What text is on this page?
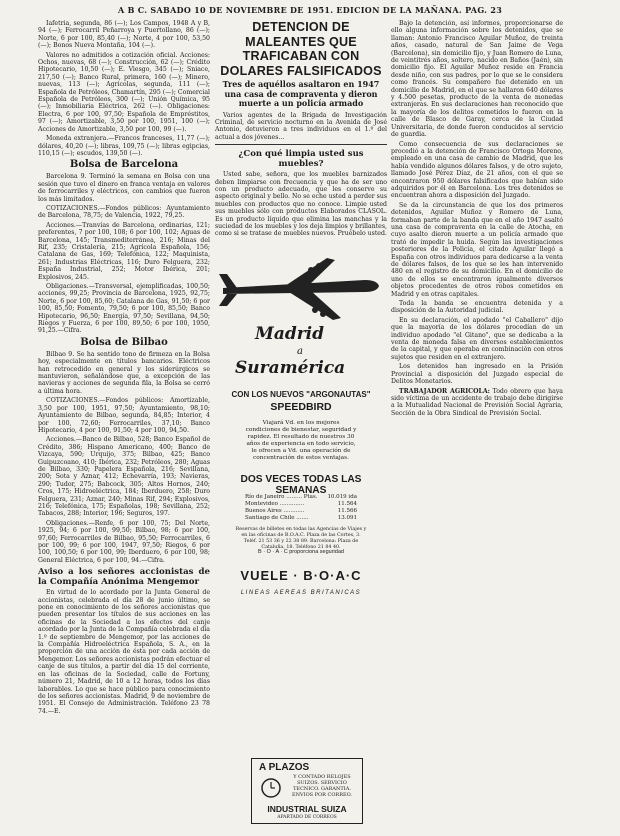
A B C. SABADO 10 DE NOVIEMBRE DE 1951. EDICION DE LA MAÑANA. PAG. 23

Iafetria, segunda, 86 (—); Los Campos, 1948 A y B, 94 (—); Ferrocarril Peñarroya y Puertollano, 86 (—); Norte, 6 por 100, 85,40 (—); Norte, 4 por 100, 53,50 (—); Bonos Nueva Montaña, 104 (—).

Valores no admitidos a cotización oficial. Acciones: Ochos, nuevas, 68 (—); Construcción, 62 (—); Crédito Hipotecario, 10,50 (—); E. Viesgo, 345 (—); Sniace, 217,50 (—); Banco Rural, primera, 160 (—); Minero, nuevas, 113 (—); Agrícolas, segunda, 111 (—); Española de Petróleos, Chamartín, 295 (—); Comercial Española de Petróleos, 300 (—); Unión Química, 95 (—); Inmobiliaria Eléctrica, 262 (—). Obligaciones: Electra, 6 por 100, 97,50; Española de Empréstitos, 97 (—); Amortizable, 3,50 por 100, 1951, 100 (—); Acciones de Amortizable, 3,50 por 100, 99 (—).

Moneda extranjera.—Francos franceses, 11,77 (—); dólares, 40,20 (—); libras, 109,75 (—); libras egipcias, 110,15 (—); escudos, 139,50 (—).

Bolsa de Barcelona

Barcelona 9. Terminó la semana en Bolsa con una sesión que tuvo el dinero en franca ventaja en valores de ferrocarriles y eléctricos, con cambios que fueron los más limitados.

COTIZACIONES.—Fondos públicos: Ayuntamiento de Barcelona, 78,75; de Valencia, 1922, 79,25.

Acciones.—Tranvías de Barcelona, ordinarias, 121; preferentes, 7 por 100, 108; 6 por 100, 102; Aguas de Barcelona, 145; Transmediterránea, 216; Minas del Rif, 235; Cristalería, 215; Agrícola Española, 156; Catalana de Gas, 169; Telefónica, 122; Maquinista, 261; Industrias Eléctricas, 116; Duro Felguera, 232; España Industrial, 252; Motor Ibérica, 201; Explosivos, 245.

Obligaciones.—Transversal, ejemplificadas, 100,50; acciones, 99,25; Provincia de Barcelona, 1925, 92,75; Norte, 6 por 100, 85,60; Catalana de Gas, 91,50; 6 por 100, 85,50; Fomento, 79,50; 6 por 100, 85,50; Banco Hipotecario, 96,50; Energía, 97,50; Sevillana, 94,50; Riegos y Fuerza, 6 por 100, 89,50; 6 por 100, 1950, 91,25.—Cifra.

Bolsa de Bilbao

Bilbao 9. Se ha sentido tono de firmeza en la Bolsa hoy, especialmente en títulos bancarios. Eléctricos han retrocedido en general y los siderúrgicos se mantuvieron, señalándose que, a excepción de las navieras y acciones de segunda fila, la Bolsa se cerró a última hora.

COTIZACIONES.—Fondos públicos: Amortizable, 3,50 por 100, 1951, 97,50; Ayuntamiento, 98,10; Ayuntamiento de Bilbao, segunda, 84,85; Interior, 4 por 100, 72,60; Ferrocarriles, 37,10; Banco Hipotecario, 4 por 100, 91,50; 4 por 100, 94,50.

Acciones.—Banco de Bilbao, 528; Banco Español de Crédito, 386; Hispano Americano, 400; Banco de Vizcaya, 590; Urquijo, 375; Bilbao, 425; Banco Guipuzcoano, 410; Ibérica, 232; Petróleos, 280; Aguas de Bilbao, 330; Papelera Española, 216; Sevillana, 200; Sota y Aznar, 412; Echevarría, 193; Navieras, 290; Tudor, 275; Babcock, 305; Altos Hornos, 240; Cros, 175; Hidroeléctrica, 184; Iberduero, 258; Duro Felguera, 231; Aznar, 240; Minas Rif, 294; Explosivos, 216; Telefónica, 175; Españolas, 198; Sevillana, 252; Tabacos, 288; Interior, 196; Seguros, 197.

Obligaciones.—Renfe, 6 por 100, 75; Del Norte, 1925, 94; 6 por 100, 99,50; Bilbao, 98; 6 por 100, 97,60; Ferrocarriles de Bilbao, 95,50; Ferrocarriles, 6 por 100, 99; 6 por 100, 1947, 97,50; Riegos, 6 por 100, 100,50; 6 por 100, 99; Iberduero, 6 por 100, 98; General Eléctrica, 6 por 100, 94.—Cifra.

Aviso a los señores accionistas de la Compañía Anónima Mengemor

En virtud de lo acordado por la Junta General de accionistas, celebrada el día 28 de junio último, se pone en conocimiento de los señores accionistas que pueden presentar los títulos de sus acciones en las oficinas de la Sociedad a los efectos del canje acordado por la Junta de la Compañía celebrada el día 1.º de septiembre de Mengemor, por las acciones de la Compañía Hidroeléctrica Española, S. A., en la proporción de una acción de ésta por cada acción de Mengemor. Los señores accionistas podrán efectuar el canje de sus títulos, a partir del día 15 del corriente, en las oficinas de la Sociedad, calle de Fortuny, número 21, Madrid, de 10 a 12 horas, todos los días laborables. Lo que se hace público para conocimiento de los señores accionistas. Madrid, 9 de noviembre de 1951. El Consejo de Administración. Teléfono 23 78 74.—E.

DETENCION DE MALEANTES QUE TRAFICABAN CON DOLARES FALSIFICADOS
Tres de aquéllos asaltaron en 1947 una casa de compraventa y dieron muerte a un policía armado

Varios agentes de la Brigada de Investigación Criminal, de servicio nocturno en la Avenida de José Antonio, detuvieron a tres individuos en el 1.º del actual a dos jóvenes...

¿Con qué limpia usted sus muebles?

Usted sabe, señora, que los muebles barnizados deben limpiarse con frecuencia y que ha de ser uno con un producto adecuado, que les conserve su aspecto original y bello. No se eche usted a perder sus muebles con productos que no conoce. Limpie usted sus muebles sólo con productos Elaborados CLASOL. Es un producto líquido que elimina las manchas y la suciedad de los muebles y los deja limpios y brillantes, como si se tratase de muebles nuevos. Pruébelo usted.

Madrid
a
Suramérica
CON LOS NUEVOS "ARGONAUTAS"
SPEEDBIRD
Viajará Vd. en los mejores condiciones de bienestar, seguridad y rapidez. El resultado de nuestros 30 años de experiencia en todo servicio, le ofrecen a Vd. una operación de concentración de estos ventajas.
DOS VECES TODAS LAS SEMANAS
Río de Janeiro ......... Ptas. 10.019 ida
Montevideo ..............	11.564
Buenos Aires ............	11.566
Santiago de Chile .......	13.091
Reservas de billetes en todas las Agencias de Viajes y en las oficinas de B.O.A.C. Plaza de las Cortes, 3. Teléf. 21 53 36 y 22 38 89. Barcelona: Plaza de Cataluña, 18. Teléfono 21 84 40.
B · O · A · C proporciona seguridad
VUELE · B·O·A·C
LINEAS AEREAS BRITANICAS
A PLAZOS
Y CONTADO RELOJES SUIZOS. SERVICIO TECNICO. GARANTIA. ENVIOS POR CORREO.
INDUSTRIAL SUIZA
APARTADO DE CORREOS

Bajo la detención, así informes, proporcionarse de ello alguna información sobre los detenidos, que se llaman: Antonio Francisco Aguilar Muñoz, de treinta años, casado, natural de San Jaime de Vega (Barcelona), sin domicilio fijo, y Juan Romero de Luna, de veintitrés años, soltero, nacido en Baños (Jaén), sin domicilio fijo. El Aguilar Muñoz reside en Francia desde niño, con sus padres, por lo que se le considera como francés. Su compañero fue detenido en un domicilio de Madrid, en el que se hallaron 640 dólares y 4.500 pesetas, producto de la venta de monedas extranjeras. En sus declaraciones han reconocido que la mayoría de los delitos cometidos lo fueron en la calle de Blasco de Garay, cerca de la Ciudad Universitaria, de donde fueron conducidos al servicio de guardia.

Como consecuencia de sus declaraciones se procedió a la detención de Francisco Ortega Moreno, empleado en una casa de cambio de Madrid, que les había vendido algunos dólares falsos, y de otro sujeto, llamado José Pérez Díaz, de 21 años, con el que se encontraron 950 dólares falsificados que habían sido adquiridos por él en Barcelona. Los tres detenidos se encuentran ahora a disposición del Juzgado.

Se da la circunstancia de que los dos primeros detenidos, Aguilar Muñoz y Romero de Luna, formaban parte de la banda que en el año 1947 asaltó una casa de compraventa en la calle de Atocha, en cuyo asalto dieron muerte a un policía armado que trató de impedir la huida. Según las investigaciones posteriores de la Policía, el citado Aguilar llegó a España con otros individuos para dedicarse a la venta de dólares falsos, de los que se les han intervenido 480 en el registro de su domicilio. En el domicilio de uno de ellos se encontraron igualmente diversos objetos procedentes de otros robos cometidos en Madrid y en otras capitales.

Toda la banda se encuentra detenida y a disposición de la Autoridad judicial.

En su declaración, el apodado "el Caballero" dijo que la mayoría de los dólares procedían de un individuo apodado "el Gitano", que se dedicaba a la venta de moneda falsa en diversos establecimientos de la capital, y que operaba en combinación con otros sujetos que residen en el extranjero.

Los detenidos han ingresado en la Prisión Provincial a disposición del Juzgado especial de Delitos Monetarios.

TRABAJADOR AGRICOLA: Todo obrero que haya sido víctima de un accidente de trabajo debe dirigirse a la Mutualidad Nacional de Previsión Social Agraria, Sección de la Obra Sindical de Previsión Social.
